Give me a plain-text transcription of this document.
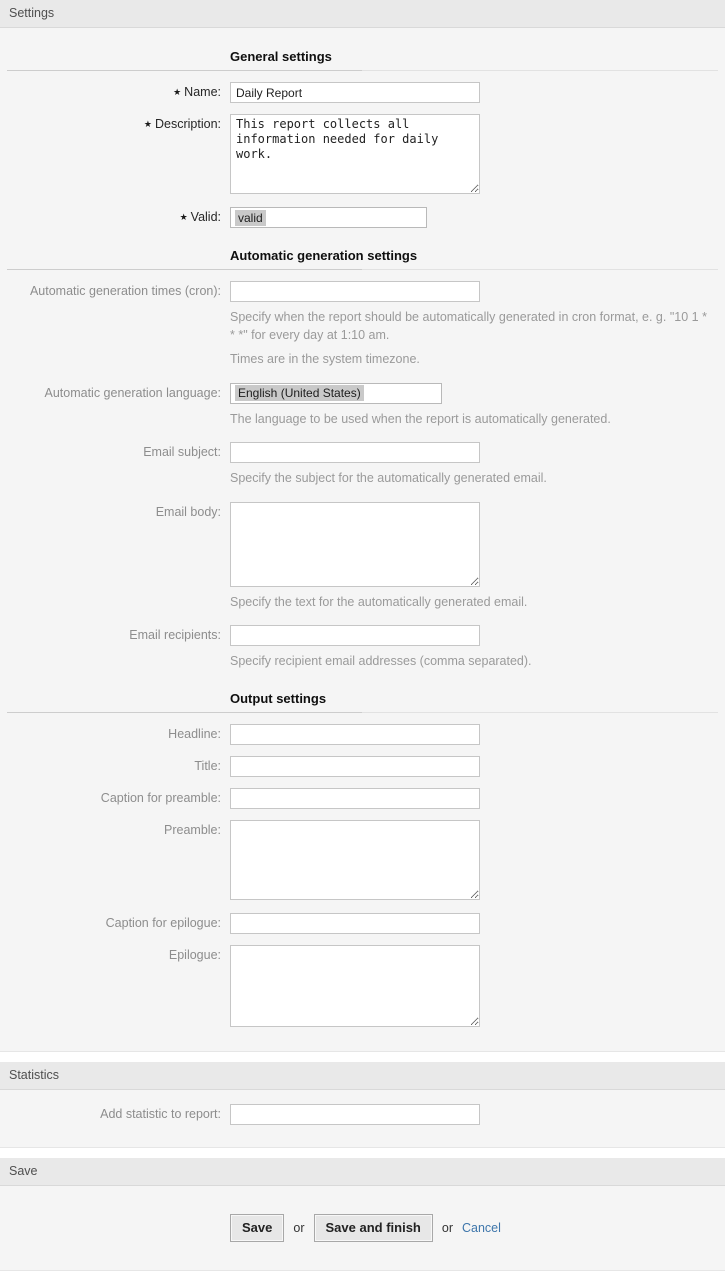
Settings
General settings
★ Name:
Daily Report
★ Description:
This report collects all information needed for daily work.
★ Valid:	valid
Automatic generation settings
Automatic generation times (cron):

Specify when the report should be automatically generated in cron format, e. g. "10 1 * * *" for every day at 1:10 am.

Times are in the system timezone.

Automatic generation language:	English (United States)

The language to be used when the report is automatically generated.

Email subject:

Specify the subject for the automatically generated email.

Email body:

Specify the text for the automatically generated email.

Email recipients:

Specify recipient email addresses (comma separated).

Output settings
Headline:
Title:
Caption for preamble:
Preamble:
Caption for epilogue:
Epilogue:
Statistics
Add statistic to report:
Save
Save	or	Save and finish	or Cancel
